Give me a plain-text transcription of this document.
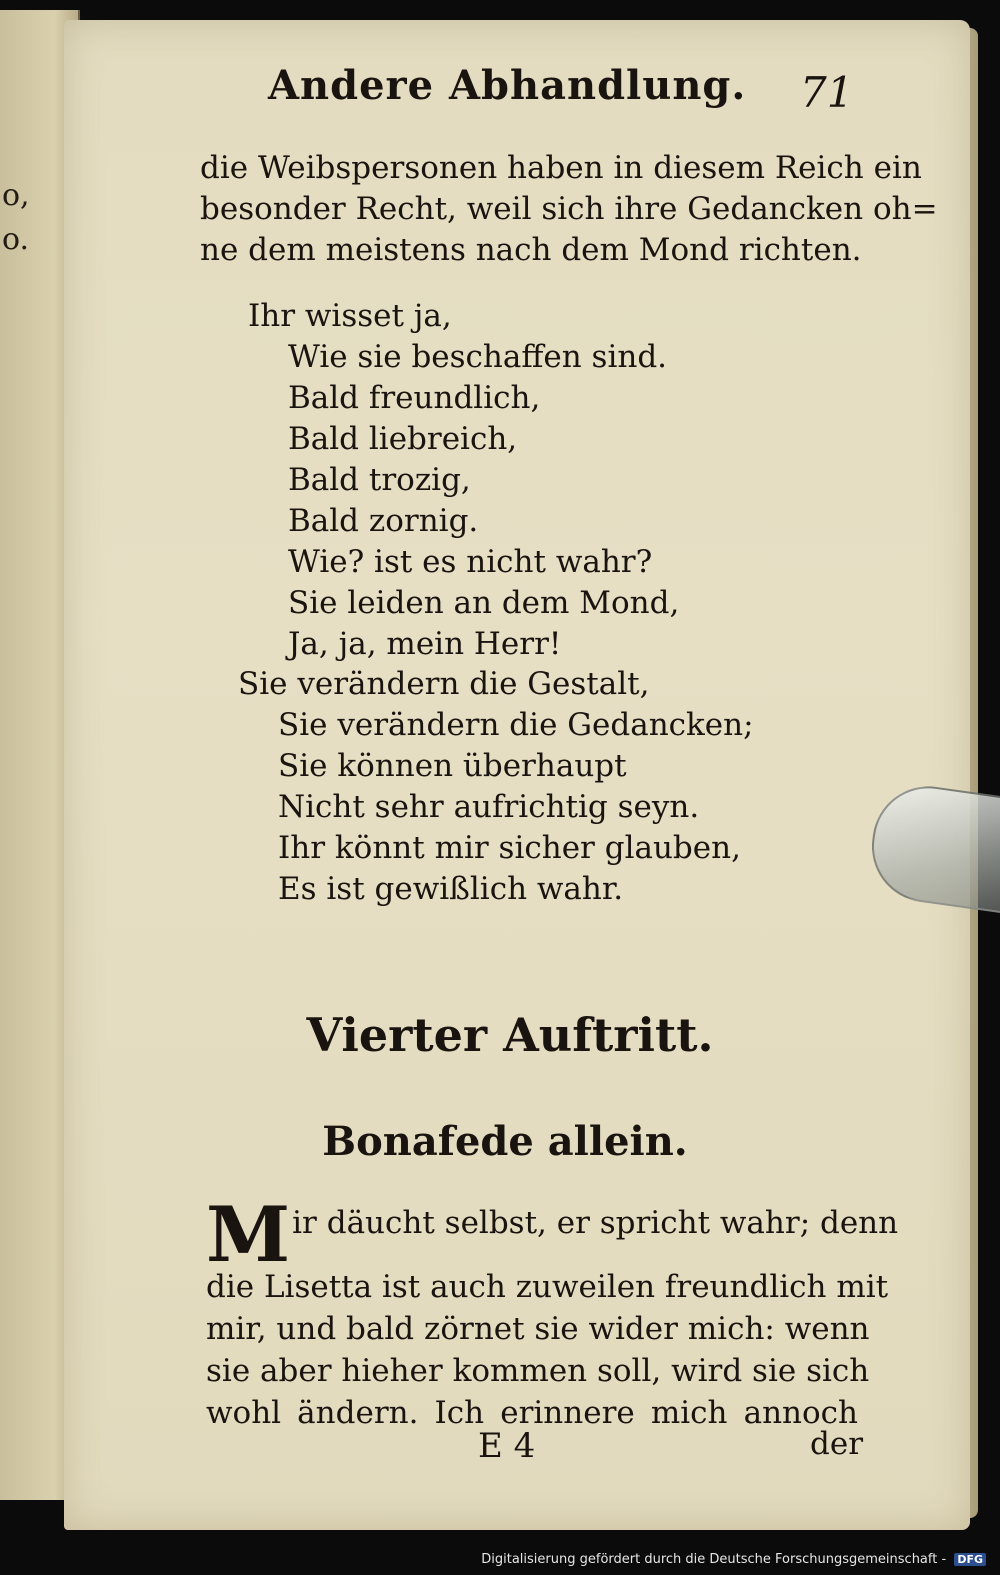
o,
o.
Andere Abhandlung. 71
die Weibspersonen haben in diesem Reich ein
besonder Recht, weil sich ihre Gedancken oh=
ne dem meistens nach dem Mond richten.
Ihr wisset ja,
Wie sie beschaffen sind.
Bald freundlich,
Bald liebreich,
Bald trozig,
Bald zornig.
Wie? ist es nicht wahr?
Sie leiden an dem Mond,
Ja, ja, mein Herr!
Sie verändern die Gestalt,
Sie verändern die Gedancken;
Sie können überhaupt
Nicht sehr aufrichtig seyn.
Ihr könnt mir sicher glauben,
Es ist gewißlich wahr.
Vierter Auftritt.
Bonafede allein.
M ir däucht selbst, er spricht wahr; denn
die Lisetta ist auch zuweilen freundlich mit
mir, und bald zörnet sie wider mich: wenn
sie aber hieher kommen soll, wird sie sich
wohl ändern. Ich erinnere mich annoch
E 4	der
Digitalisierung gefördert durch die Deutsche Forschungsgemeinschaft - DFG
